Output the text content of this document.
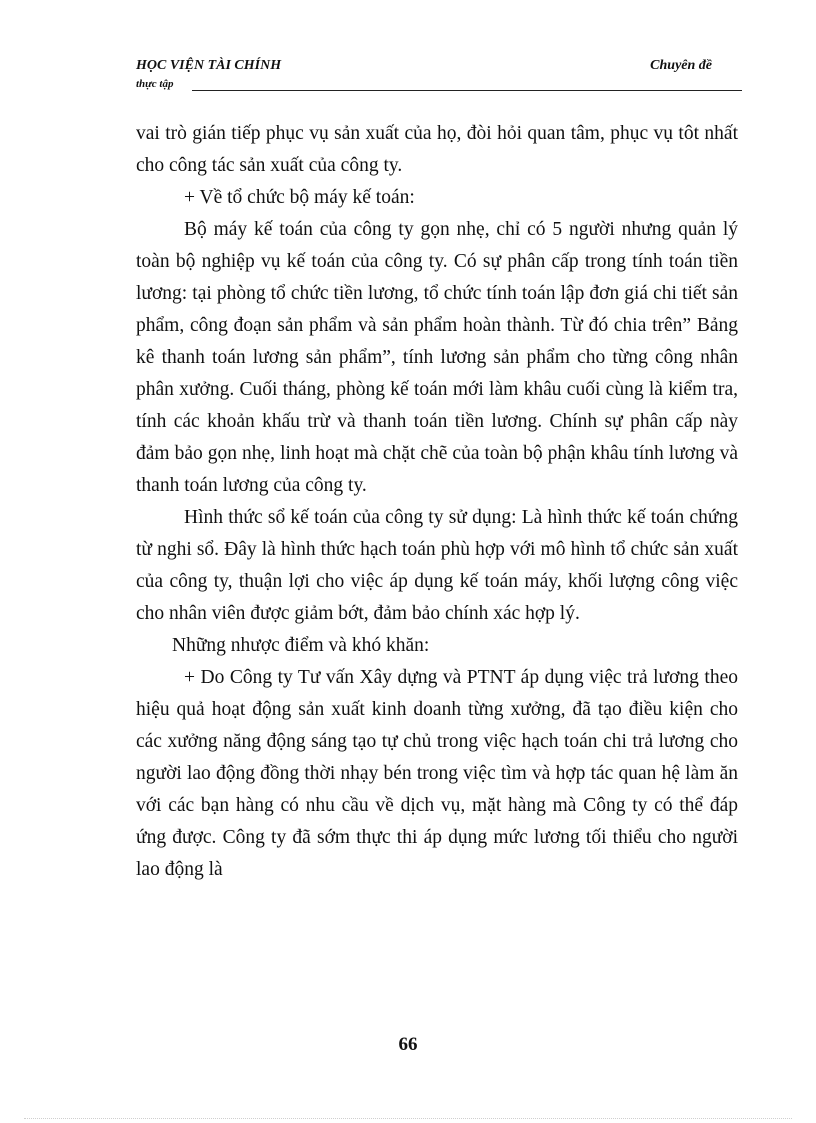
HỌC VIỆN TÀI CHÍNH	Chuyên đề
thực tập

vai trò gián tiếp phục vụ sản xuất của họ, đòi hỏi quan tâm, phục vụ tôt nhất cho công tác sản xuất của công ty.

+ Về tổ chức bộ máy kế toán:

Bộ máy kế toán của công ty gọn nhẹ, chỉ có 5 người nhưng quản lý toàn bộ nghiệp vụ kế toán của công ty. Có sự phân cấp trong tính toán tiền lương: tại phòng tổ chức tiền lương, tổ chức tính toán lập đơn giá chi tiết sản phẩm, công đoạn sản phẩm và sản phẩm hoàn thành. Từ đó chia trên” Bảng kê thanh toán lương sản phẩm”, tính lương sản phẩm cho từng công nhân phân xưởng. Cuối tháng, phòng kế toán mới làm khâu cuối cùng là kiểm tra, tính các khoản khấu trừ và thanh toán tiền lương. Chính sự phân cấp này đảm bảo gọn nhẹ, linh hoạt mà chặt chẽ của toàn bộ phận khâu tính lương và thanh toán lương của công ty.

Hình thức sổ kế toán của công ty sử dụng: Là hình thức kế toán chứng từ nghi sổ. Đây là hình thức hạch toán phù hợp với mô hình tổ chức sản xuất của công ty, thuận lợi cho việc áp dụng kế toán máy, khối lượng công việc cho nhân viên được giảm bớt, đảm bảo chính xác hợp lý.

Những nhược điểm và khó khăn:

+ Do Công ty Tư vấn Xây dựng và PTNT áp dụng việc trả lương theo hiệu quả hoạt động sản xuất kinh doanh từng xưởng, đã tạo điều kiện cho các xưởng năng động sáng tạo tự chủ trong việc hạch toán chi trả lương cho người lao động đồng thời nhạy bén trong việc tìm và hợp tác quan hệ làm ăn với các bạn hàng có nhu cầu về dịch vụ, mặt hàng mà Công ty có thể đáp ứng được. Công ty đã sớm thực thi áp dụng mức lương tối thiểu cho người lao động là

66
